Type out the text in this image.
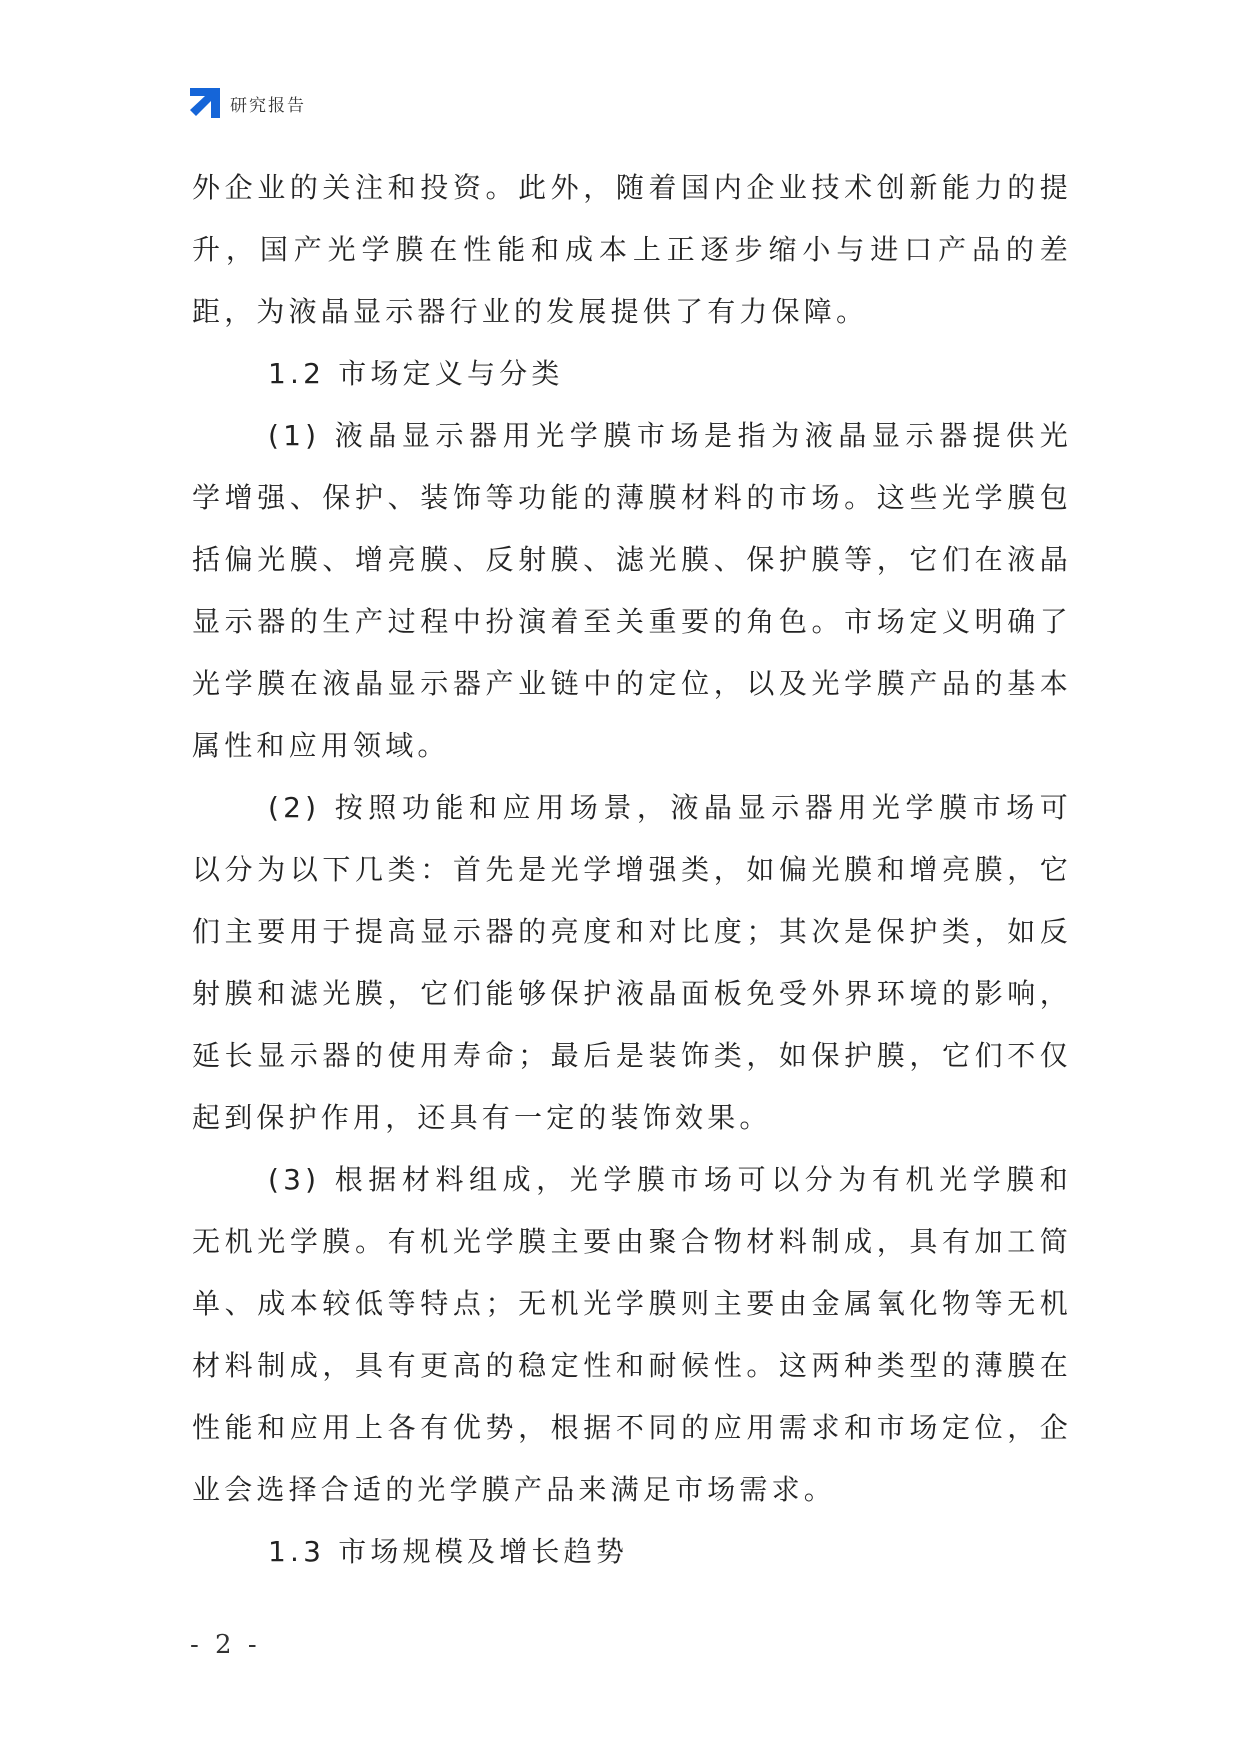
研究报告

外企业的关注和投资。此外，随着国内企业技术创新能力的提升，国产光学膜在性能和成本上正逐步缩小与进口产品的差距，为液晶显示器行业的发展提供了有力保障。

1.2 市场定义与分类

(1) 液晶显示器用光学膜市场是指为液晶显示器提供光学增强、保护、装饰等功能的薄膜材料的市场。这些光学膜包括偏光膜、增亮膜、反射膜、滤光膜、保护膜等，它们在液晶显示器的生产过程中扮演着至关重要的角色。市场定义明确了光学膜在液晶显示器产业链中的定位，以及光学膜产品的基本属性和应用领域。

(2) 按照功能和应用场景，液晶显示器用光学膜市场可以分为以下几类：首先是光学增强类，如偏光膜和增亮膜，它们主要用于提高显示器的亮度和对比度；其次是保护类，如反射膜和滤光膜，它们能够保护液晶面板免受外界环境的影响，延长显示器的使用寿命；最后是装饰类，如保护膜，它们不仅起到保护作用，还具有一定的装饰效果。

(3) 根据材料组成，光学膜市场可以分为有机光学膜和无机光学膜。有机光学膜主要由聚合物材料制成，具有加工简单、成本较低等特点；无机光学膜则主要由金属氧化物等无机材料制成，具有更高的稳定性和耐候性。这两种类型的薄膜在性能和应用上各有优势，根据不同的应用需求和市场定位，企业会选择合适的光学膜产品来满足市场需求。

1.3 市场规模及增长趋势

- 2 -
